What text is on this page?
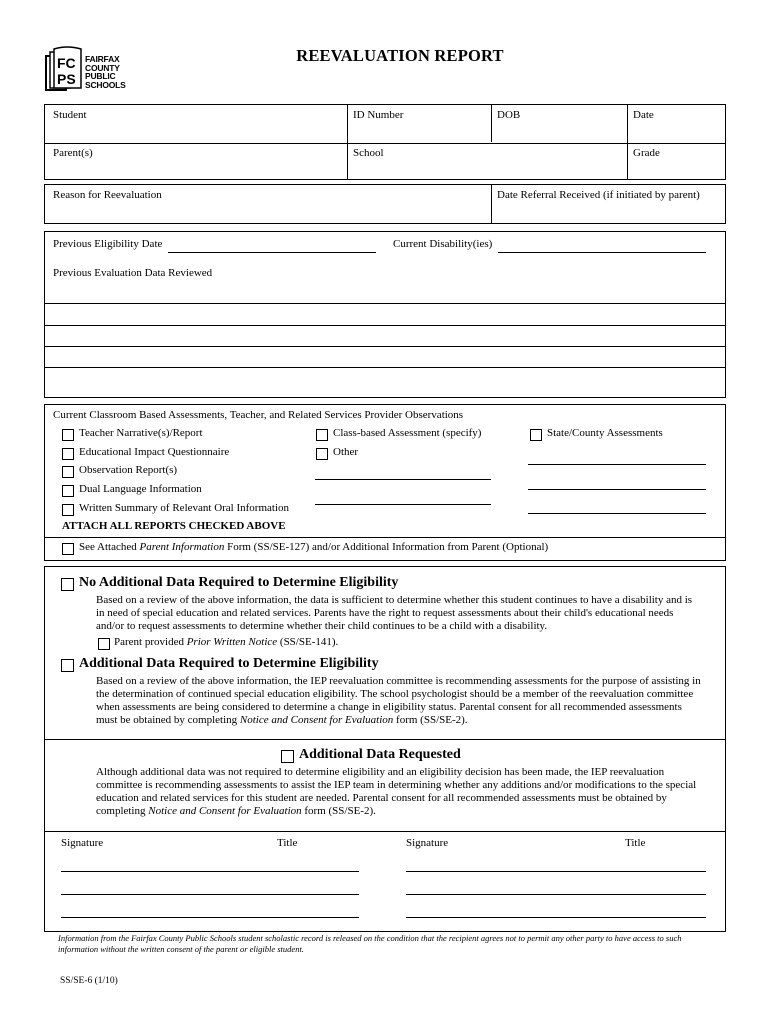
FC
PS
FAIRFAX
COUNTY
PUBLIC
SCHOOLS
REEVALUATION REPORT
Student	ID Number	DOB	Date
Parent(s)	School	Grade
Reason for Reevaluation	Date Referral Received (if initiated by parent)
Previous Eligibility Date	Current Disability(ies)
Previous Evaluation Data Reviewed
Current Classroom Based Assessments, Teacher, and Related Services Provider Observations
Teacher Narrative(s)/Report
Educational Impact Questionnaire
Observation Report(s)
Dual Language Information
Written Summary of Relevant Oral Information
Class-based Assessment (specify)
Other
State/County Assessments
ATTACH ALL REPORTS CHECKED ABOVE
See Attached Parent Information Form (SS/SE-127) and/or Additional Information from Parent (Optional)
No Additional Data Required to Determine Eligibility
Based on a review of the above information, the data is sufficient to determine whether this student continues to have a disability and is in need of special education and related services. Parents have the right to request assessments about their child's educational needs and/or to request assessments to determine whether their child continues to be a child with a disability.
Parent provided Prior Written Notice (SS/SE-141).
Additional Data Required to Determine Eligibility
Based on a review of the above information, the IEP reevaluation committee is recommending assessments for the purpose of assisting in the determination of continued special education eligibility. The school psychologist should be a member of the reevaluation committee when assessments are being considered to determine a change in eligibility status. Parental consent for all recommended assessments must be obtained by completing Notice and Consent for Evaluation form (SS/SE-2).
Additional Data Requested
Although additional data was not required to determine eligibility and an eligibility decision has been made, the IEP reevaluation committee is recommending assessments to assist the IEP team in determining whether any additions and/or modifications to the special education and related services for this student are needed. Parental consent for all recommended assessments must be obtained by completing Notice and Consent for Evaluation form (SS/SE-2).
Signature	Title	Signature	Title
Information from the Fairfax County Public Schools student scholastic record is released on the condition that the recipient agrees not to permit any other party to have access to such information without the written consent of the parent or eligible student.
SS/SE-6 (1/10)
